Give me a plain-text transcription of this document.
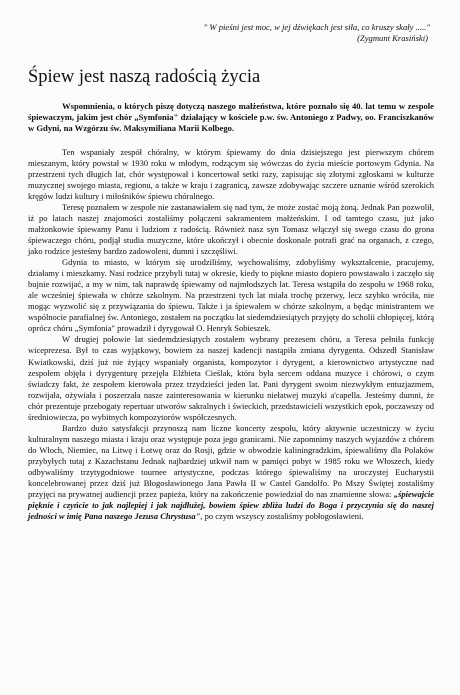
" W pieśni jest moc, w jej dźwiękach jest siła, co kruszy skały ....."
(Zygmunt Krasiński)
Śpiew jest naszą radością życia

Wspomnienia, o których piszę dotyczą naszego małżeństwa, które poznało się 40. lat temu w zespole śpiewaczym, jakim jest chór „Symfonia" działający w kościele p.w. św. Antoniego z Padwy, oo. Franciszkanów w Gdyni, na Wzgórzu św. Maksymiliana Marii Kolbego.

Ten wspaniały zespół chóralny, w którym śpiewamy do dnia dzisiejszego jest pierwszym chórem mieszanym, który powstał w 1930 roku w młodym, rodzącym się wówczas do życia mieście portowym Gdynia. Na przestrzeni tych długich lat, chór występował i koncertował setki razy, zapisując się złotymi zgłoskami w kulturze muzycznej swojego miasta, regionu, a także w kraju i zagranicą, zawsze zdobywając szczere uznanie wśród szerokich kręgów ludzi kultury i miłośników śpiewu chóralnego.

Teresę poznałem w zespole nie zastanawiałem się nad tym, że może zostać moją żoną. Jednak Pan pozwolił, iż po latach naszej znajomości zostaliśmy połączeni sakramentem małżeńskim. I od tamtego czasu, już jako małżonkowie śpiewamy Panu i ludziom z radością. Również nasz syn Tomasz włączył się swego czasu do grona śpiewaczego chóru, podjął studia muzyczne, które ukończył i obecnie doskonale potrafi grać na organach, z czego, jako rodzice jesteśmy bardzo zadowoleni, dumni i szczęśliwi.

Gdynia to miasto, w którym się urodziliśmy, wychowaliśmy, zdobyliśmy wykształcenie, pracujemy, działamy i mieszkamy. Nasi rodzice przybyli tutaj w okresie, kiedy to piękne miasto dopiero powstawało i zaczęło się bujnie rozwijać, a my w nim, tak naprawdę śpiewamy od najmłodszych lat. Teresa wstąpiła do zespołu w 1968 roku, ale wcześniej śpiewała w chórze szkolnym. Na przestrzeni tych lat miała trochę przerwy, lecz szybko wróciła, nie mogąc wyzwolić się z przywiązania do śpiewu. Także i ja śpiewałem w chórze szkolnym, a będąc ministrantem we wspólnocie parafialnej św. Antoniego, zostałem na początku lat siedemdziesiątych przyjęty do scholii chłopięcej, którą oprócz chóru „Symfonia" prowadził i dyrygował O. Henryk Sobieszek.

W drugiej połowie lat siedemdziesiątych zostałem wybrany prezesem chóru, a Teresa pełniła funkcję wiceprezesa. Był to czas wyjątkowy, bowiem za naszej kadencji nastąpiła zmiana dyrygenta. Odszedł Stanisław Kwiatkowski, dziś już nie żyjący wspaniały organista, kompozytor i dyrygent, a kierownictwo artystyczne nad zespołem objęła i dyrygenturę przejęła Elżbieta Cieślak, która była sercem oddana muzyce i chórowi, o czym świadczy fakt, że zespołem kierowała przez trzydzieści jeden lat. Pani dyrygent swoim niezwykłym entuzjazmem, rozwijała, ożywiała i poszerzała nasze zainteresowania w kierunku niełatwej muzyki a'capella. Jesteśmy dumni, że chór prezentuje przebogaty repertuar utworów sakralnych i świeckich, przedstawicieli wszystkich epok, poczawszy od średniowiecza, po wybitnych kompozytorów współczesnych.

Bardzo dużo satysfakcji przynoszą nam liczne koncerty zespołu, który aktywnie uczestniczy w życiu kulturalnym naszego miasta i kraju oraz występuje poza jego granicami. Nie zapomnimy naszych wyjazdów z chórem do Włoch, Niemiec, na Litwę i Łotwę oraz do Rosji, gdzie w obwodzie kaliningradzkim, śpiewaliśmy dla Polaków przybyłych tutaj z Kazachstanu Jednak najbardziej utkwił nam w pamięci pobyt w 1985 roku we Włoszech, kiedy odbywaliśmy trzytygodniowe tournee artystyczne, podczas którego śpiewaliśmy na uroczystej Eucharystii koncelebrowanej przez dziś już Błogosławionego Jana Pawła II w Castel Gandolfo. Po Mszy Świętej zostaliśmy przyjęci na prywatnej audiencji przez papieża, który na zakończenie powiedział do nas znamienne słowa: „śpiewajcie pięknie i czyńcie to jak najlepiej i jak najdłużej, bowiem śpiew zbliża ludzi do Boga i przyczynia się do naszej jedności w imię Pana naszego Jezusa Chrystusa", po czym wszyscy zostaliśmy pobłogosławieni.
